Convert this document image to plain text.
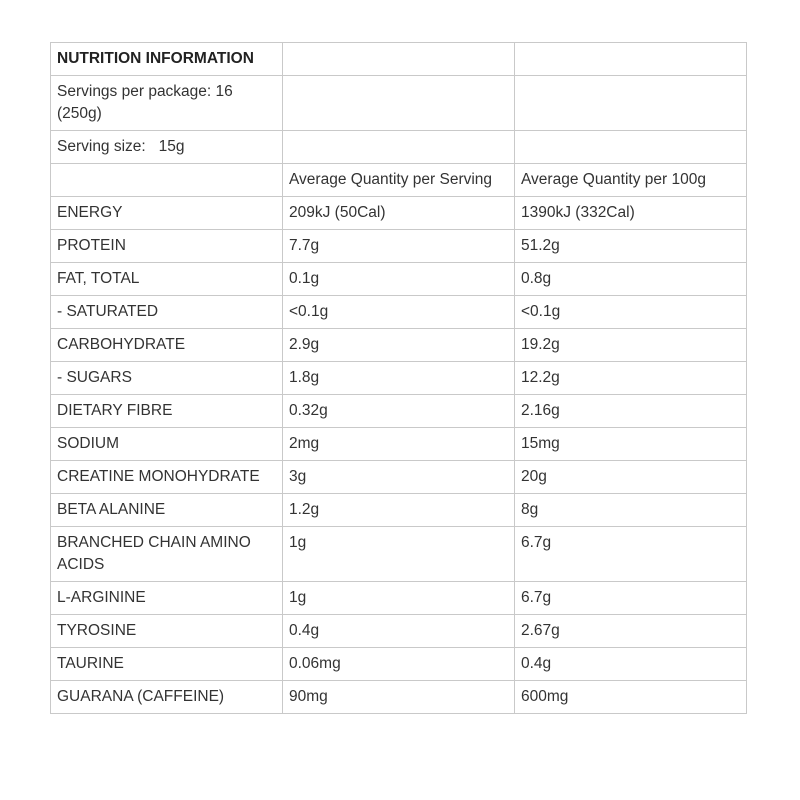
NUTRITION INFORMATION		
Servings per package: 16 (250g)		
Serving size:   15g		
	Average Quantity per Serving	Average Quantity per 100g
ENERGY	209kJ (50Cal)	1390kJ (332Cal)
PROTEIN	7.7g	51.2g
FAT, TOTAL	0.1g	0.8g
- SATURATED	<0.1g	<0.1g
CARBOHYDRATE	2.9g	19.2g
- SUGARS	1.8g	12.2g
DIETARY FIBRE	0.32g	2.16g
SODIUM	2mg	15mg
CREATINE MONOHYDRATE	3g	20g
BETA ALANINE	1.2g	8g
BRANCHED CHAIN AMINO ACIDS	1g	6.7g
L-ARGININE	1g	6.7g
TYROSINE	0.4g	2.67g
TAURINE	0.06mg	0.4g
GUARANA (CAFFEINE)	90mg	600mg
